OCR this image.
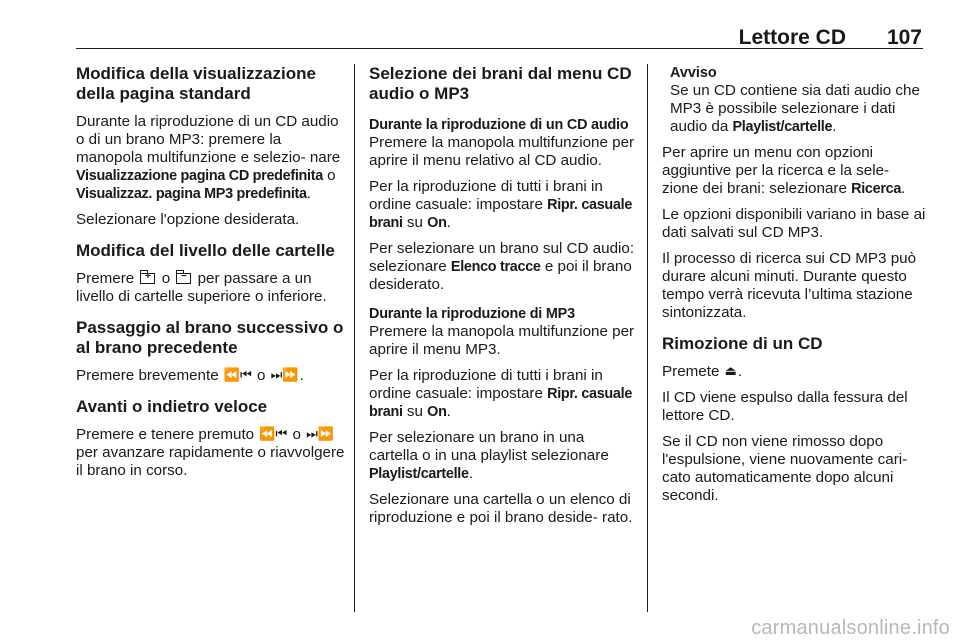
Lettore CD 107
Modifica della visualizzazione della pagina standard

Durante la riproduzione di un CD audio o di un brano MP3: premere la manopola multifunzione e selezio- nare Visualizzazione pagina CD predefinita o Visualizzaz. pagina MP3 predefinita.

Selezionare l'opzione desiderata.

Modifica del livello delle cartelle

Premere + o − per passare a un livello di cartelle superiore o inferiore.

Passaggio al brano successivo o al brano precedente

Premere brevemente ⏪⏮ o ⏭⏩.

Avanti o indietro veloce

Premere e tenere premuto ⏪⏮ o ⏭⏩ per avanzare rapidamente o riavvolgere il brano in corso.

Selezione dei brani dal menu CD audio o MP3
Durante la riproduzione di un CD audio

Premere la manopola multifunzione per aprire il menu relativo al CD audio.

Per la riproduzione di tutti i brani in ordine casuale: impostare Ripr. casuale brani su On.

Per selezionare un brano sul CD audio: selezionare Elenco tracce e poi il brano desiderato.

Durante la riproduzione di MP3

Premere la manopola multifunzione per aprire il menu MP3.

Per la riproduzione di tutti i brani in ordine casuale: impostare Ripr. casuale brani su On.

Per selezionare un brano in una cartella o in una playlist selezionare Playlist/cartelle.

Selezionare una cartella o un elenco di riproduzione e poi il brano deside- rato.

Avviso
Se un CD contiene sia dati audio che MP3 è possibile selezionare i dati audio da Playlist/cartelle.

Per aprire un menu con opzioni aggiuntive per la ricerca e la sele- zione dei brani: selezionare Ricerca.

Le opzioni disponibili variano in base ai dati salvati sul CD MP3.

Il processo di ricerca sui CD MP3 può durare alcuni minuti. Durante questo tempo verrà ricevuta l’ultima stazione sintonizzata.

Rimozione di un CD

Premete ⏏.

Il CD viene espulso dalla fessura del lettore CD.

Se il CD non viene rimosso dopo l'espulsione, viene nuovamente cari- cato automaticamente dopo alcuni secondi.

carmanualsonline.info
